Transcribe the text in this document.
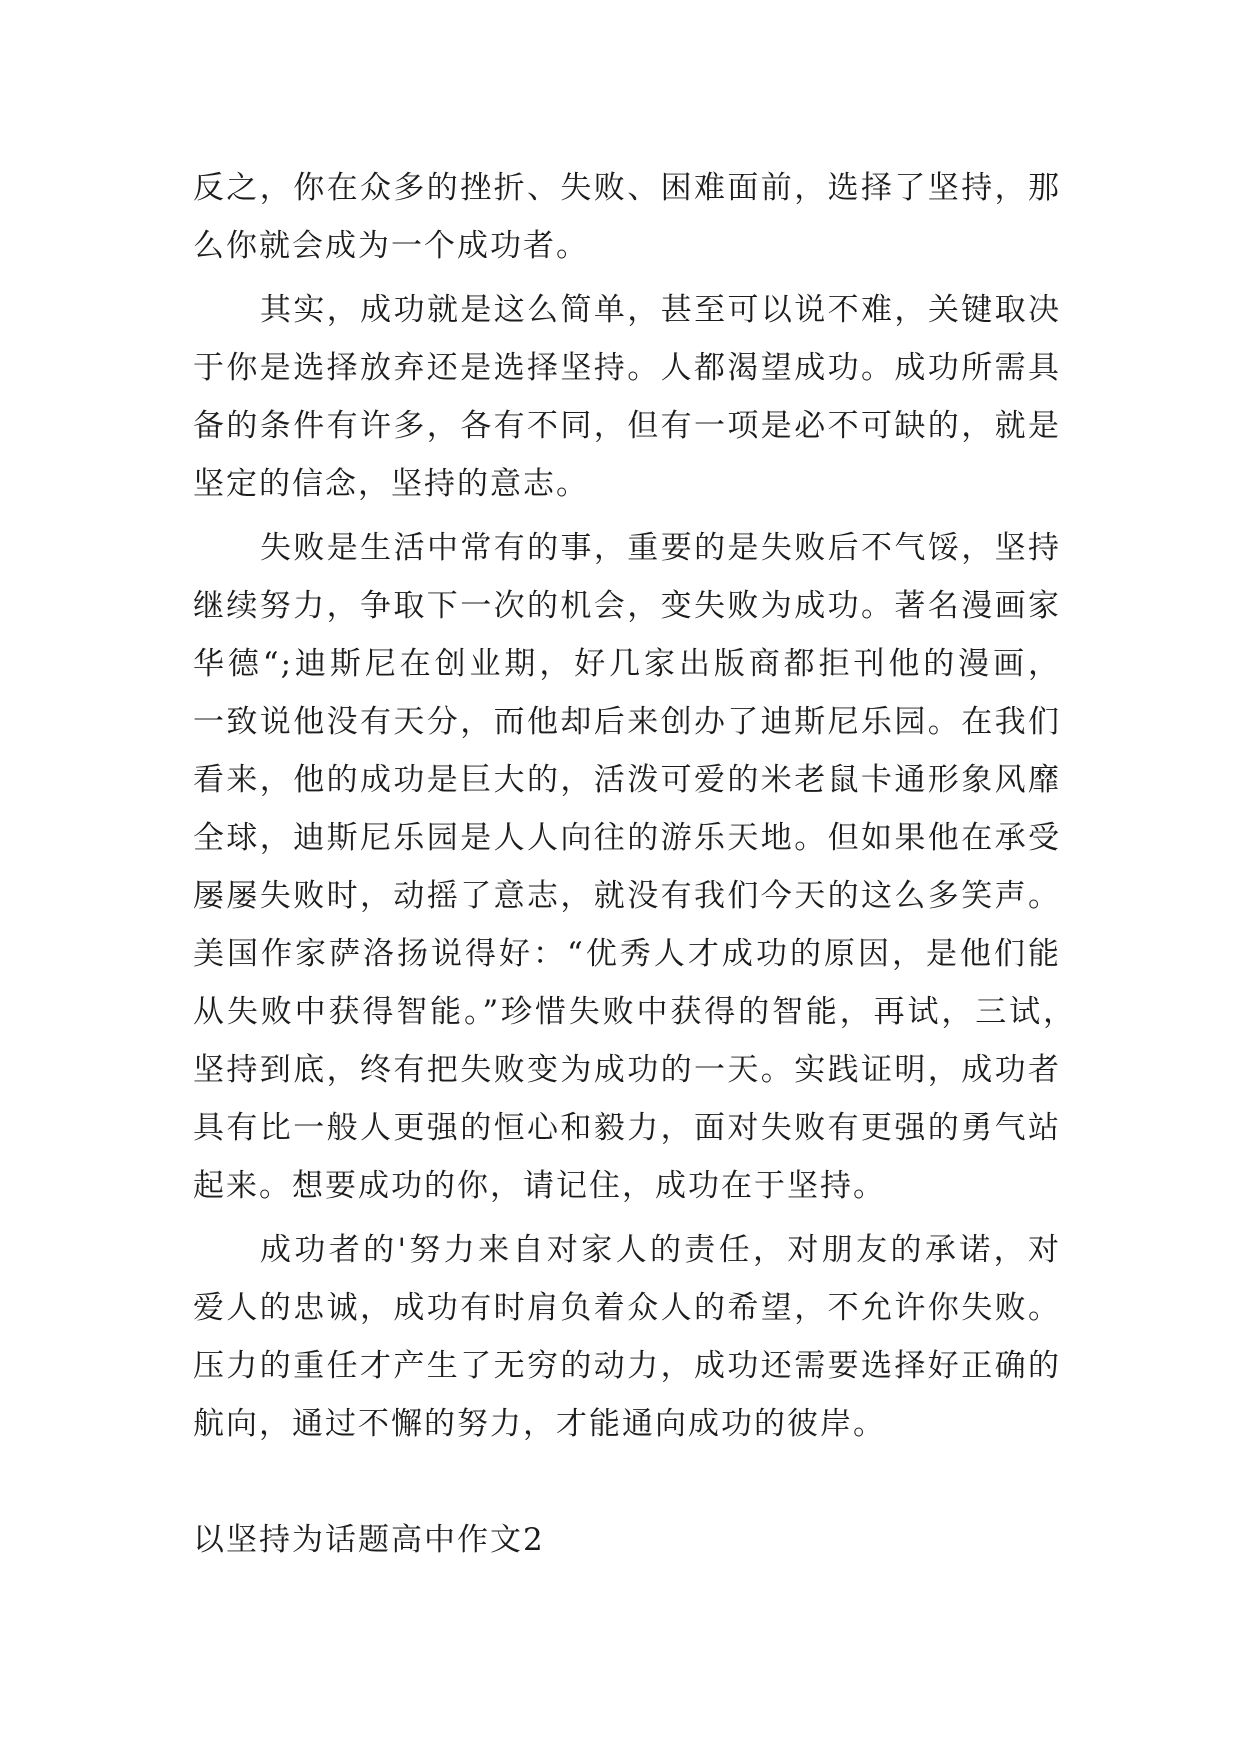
反之，你在众多的挫折、失败、困难面前，选择了坚持，那
么你就会成为一个成功者。
其实，成功就是这么简单，甚至可以说不难，关键取决
于你是选择放弃还是选择坚持。人都渴望成功。成功所需具
备的条件有许多，各有不同，但有一项是必不可缺的，就是
坚定的信念，坚持的意志。
失败是生活中常有的事，重要的是失败后不气馁，坚持
继续努力，争取下一次的机会，变失败为成功。著名漫画家
华德“;迪斯尼在创业期，好几家出版商都拒刊他的漫画，
一致说他没有天分，而他却后来创办了迪斯尼乐园。在我们
看来，他的成功是巨大的，活泼可爱的米老鼠卡通形象风靡
全球，迪斯尼乐园是人人向往的游乐天地。但如果他在承受
屡屡失败时，动摇了意志，就没有我们今天的这么多笑声。
美国作家萨洛扬说得好：“优秀人才成功的原因，是他们能
从失败中获得智能。”珍惜失败中获得的智能，再试，三试，
坚持到底，终有把失败变为成功的一天。实践证明，成功者
具有比一般人更强的恒心和毅力，面对失败有更强的勇气站
起来。想要成功的你，请记住，成功在于坚持。
成功者的'努力来自对家人的责任，对朋友的承诺，对
爱人的忠诚，成功有时肩负着众人的希望，不允许你失败。
压力的重任才产生了无穷的动力，成功还需要选择好正确的
航向，通过不懈的努力，才能通向成功的彼岸。
以坚持为话题高中作文2
